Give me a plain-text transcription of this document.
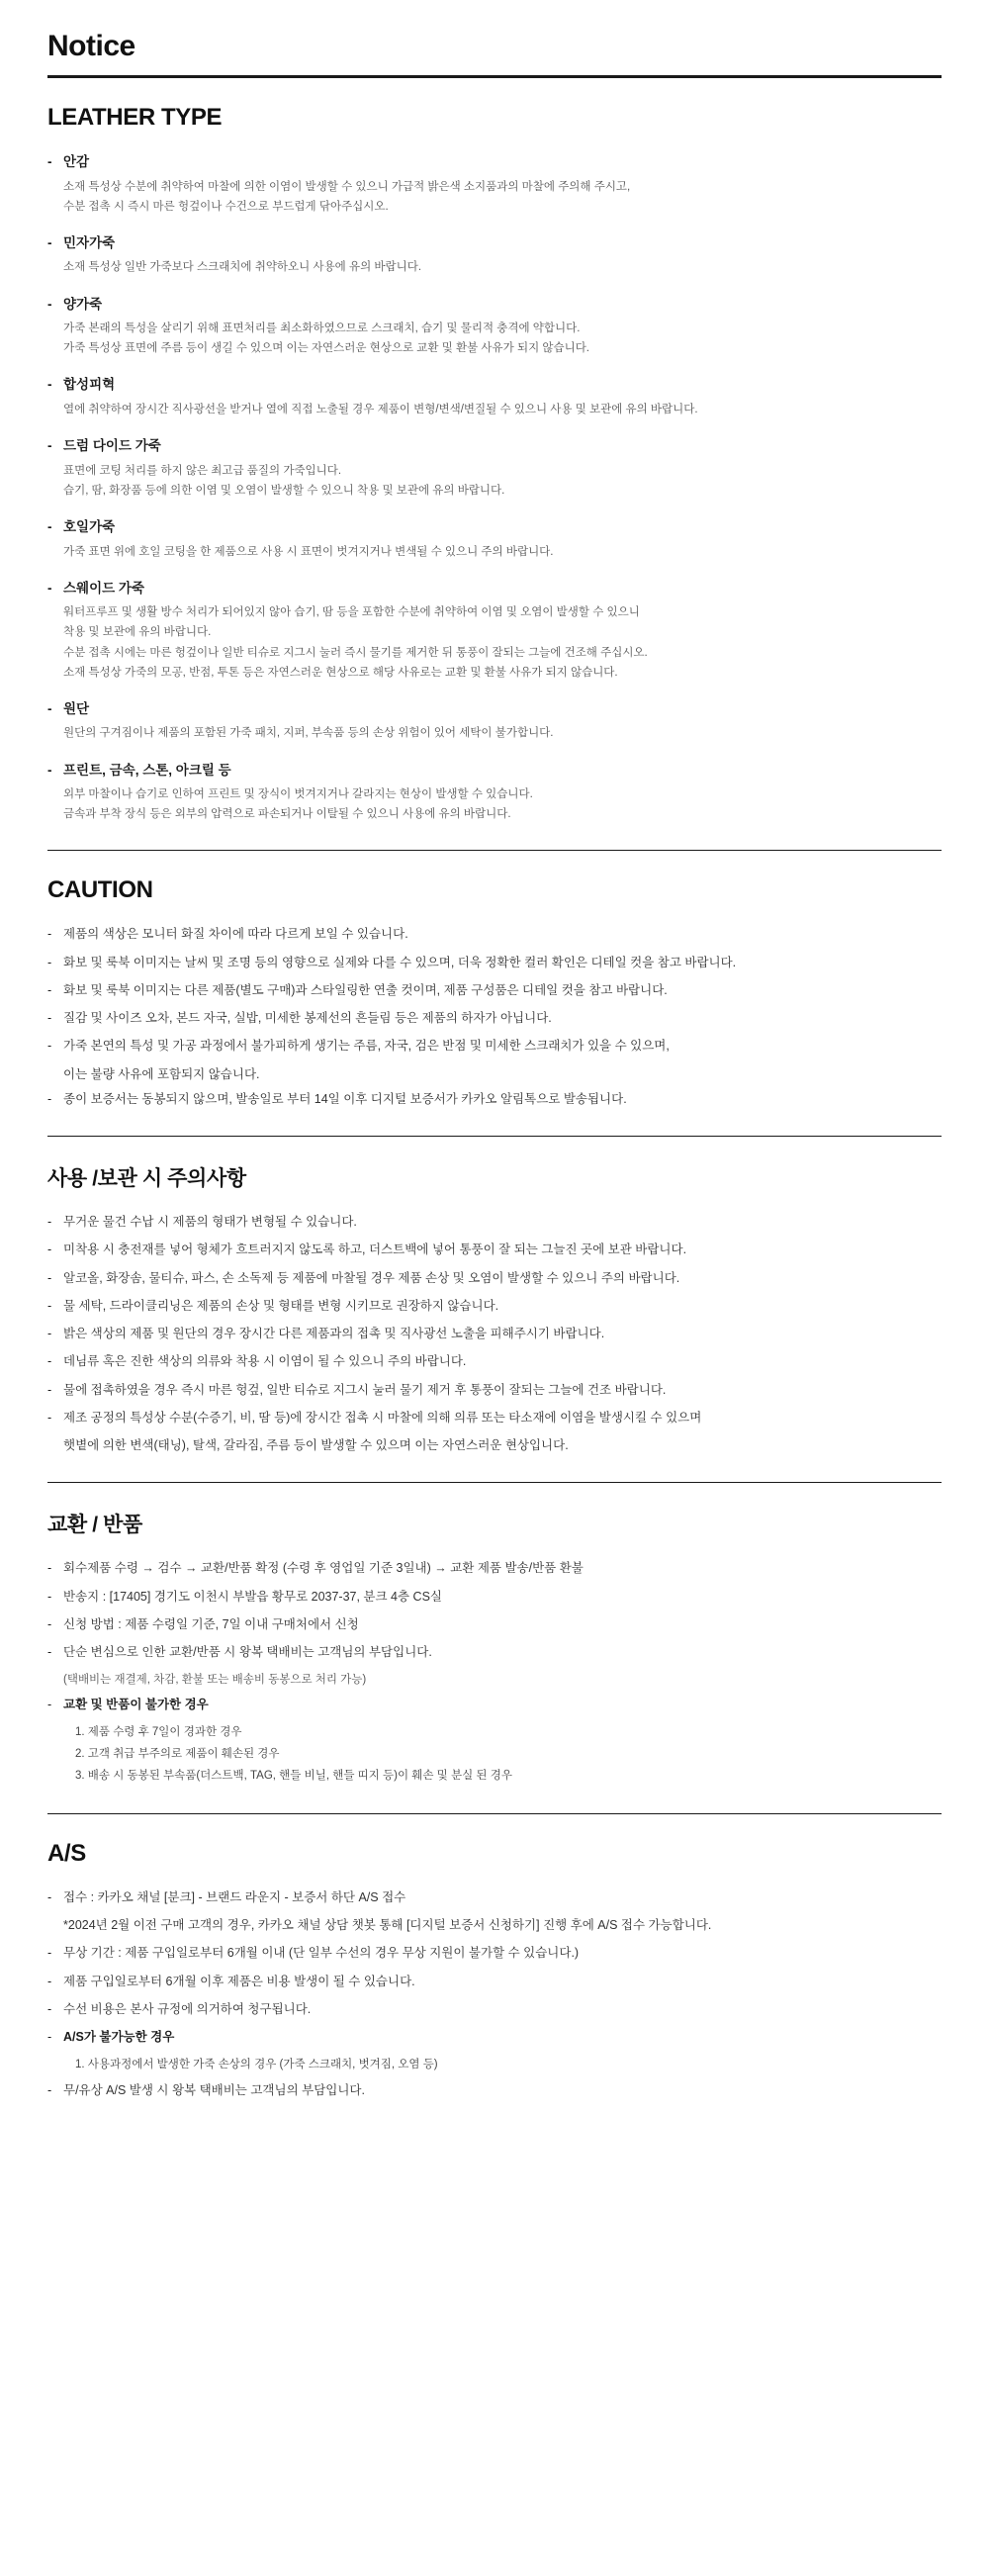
Notice
LEATHER TYPE
- 안감
소재 특성상 수분에 취약하여 마찰에 의한 이염이 발생할 수 있으니 가급적 밝은색 소지품과의 마찰에 주의해 주시고,
수분 접촉 시 즉시 마른 헝겊이나 수건으로 부드럽게 닦아주십시오.
- 민자가죽
소재 특성상 일반 가죽보다 스크래치에 취약하오니 사용에 유의 바랍니다.
- 양가죽
가죽 본래의 특성을 살리기 위해 표면처리를 최소화하였으므로 스크래치, 습기 및 물리적 충격에 약합니다.
가죽 특성상 표면에 주름 등이 생길 수 있으며 이는 자연스러운 현상으로 교환 및 환불 사유가 되지 않습니다.
- 합성피혁
열에 취약하여 장시간 직사광선을 받거나 열에 직접 노출될 경우 제품이 변형/변색/변질될 수 있으니 사용 및 보관에 유의 바랍니다.
- 드럼 다이드 가죽
표면에 코팅 처리를 하지 않은 최고급 품질의 가죽입니다.
습기, 땀, 화장품 등에 의한 이염 및 오염이 발생할 수 있으니 착용 및 보관에 유의 바랍니다.
- 호일가죽
가죽 표면 위에 호일 코팅을 한 제품으로 사용 시 표면이 벗겨지거나 변색될 수 있으니 주의 바랍니다.
- 스웨이드 가죽
워터프루프 및 생활 방수 처리가 되어있지 않아 습기, 땀 등을 포함한 수분에 취약하여 이염 및 오염이 발생할 수 있으니
착용 및 보관에 유의 바랍니다.
수분 접촉 시에는 마른 헝겊이나 일반 티슈로 지그시 눌러 즉시 물기를 제거한 뒤 통풍이 잘되는 그늘에 건조해 주십시오.
소재 특성상 가죽의 모공, 반점, 투톤 등은 자연스러운 현상으로 해당 사유로는 교환 및 환불 사유가 되지 않습니다.
- 원단
원단의 구겨짐이나 제품의 포함된 가죽 패치, 지퍼, 부속품 등의 손상 위험이 있어 세탁이 불가합니다.
- 프린트, 금속, 스톤, 아크릴 등
외부 마찰이나 습기로 인하여 프린트 및 장식이 벗겨지거나 갈라지는 현상이 발생할 수 있습니다.
금속과 부착 장식 등은 외부의 압력으로 파손되거나 이탈될 수 있으니 사용에 유의 바랍니다.
CAUTION
- 제품의 색상은 모니터 화질 차이에 따라 다르게 보일 수 있습니다.
- 화보 및 룩북 이미지는 날씨 및 조명 등의 영향으로 실제와 다를 수 있으며, 더욱 정확한 컬러 확인은 디테일 컷을 참고 바랍니다.
- 화보 및 룩북 이미지는 다른 제품(별도 구매)과 스타일링한 연출 컷이며, 제품 구성품은 디테일 컷을 참고 바랍니다.
- 질감 및 사이즈 오차, 본드 자국, 실밥, 미세한 봉제선의 흔들림 등은 제품의 하자가 아닙니다.
- 가죽 본연의 특성 및 가공 과정에서 불가피하게 생기는 주름, 자국, 검은 반점 및 미세한 스크래치가 있을 수 있으며,
이는 불량 사유에 포함되지 않습니다.
- 종이 보증서는 동봉되지 않으며, 발송일로 부터 14일 이후 디지털 보증서가 카카오 알림톡으로 발송됩니다.
사용 /보관 시 주의사항
- 무거운 물건 수납 시 제품의 형태가 변형될 수 있습니다.
- 미착용 시 충전재를 넣어 형체가 흐트러지지 않도록 하고, 더스트백에 넣어 통풍이 잘 되는 그늘진 곳에 보관 바랍니다.
- 알코올, 화장솜, 물티슈, 파스, 손 소독제 등 제품에 마찰될 경우 제품 손상 및 오염이 발생할 수 있으니 주의 바랍니다.
- 물 세탁, 드라이클리닝은 제품의 손상 및 형태를 변형 시키므로 권장하지 않습니다.
- 밝은 색상의 제품 및 원단의 경우 장시간 다른 제품과의 접촉 및 직사광선 노출을 피해주시기 바랍니다.
- 데님류 혹은 진한 색상의 의류와 착용 시 이염이 될 수 있으니 주의 바랍니다.
- 물에 접촉하였을 경우 즉시 마른 헝겊, 일반 티슈로 지그시 눌러 물기 제거 후 통풍이 잘되는 그늘에 건조 바랍니다.
- 제조 공정의 특성상 수분(수증기, 비, 땀 등)에 장시간 접촉 시 마찰에 의해 의류 또는 타소재에 이염을 발생시킬 수 있으며
햇볕에 의한 변색(태닝), 탈색, 갈라짐, 주름 등이 발생할 수 있으며 이는 자연스러운 현상입니다.
교환 / 반품
- 회수제품 수령 → 검수 → 교환/반품 확정 (수령 후 영업일 기준 3일내) → 교환 제품 발송/반품 환불
- 반송지 : [17405] 경기도 이천시 부발읍 황무로 2037-37, 분크 4층 CS실
- 신청 방법 : 제품 수령일 기준, 7일 이내 구매처에서 신청
- 단순 변심으로 인한 교환/반품 시 왕복 택배비는 고객님의 부담입니다.
(택배비는 재결제, 차감, 환불 또는 배송비 동봉으로 처리 가능)
- 교환 및 반품이 불가한 경우
1. 제품 수령 후 7일이 경과한 경우
2. 고객 취급 부주의로 제품이 훼손된 경우
3. 배송 시 동봉된 부속품(더스트백, TAG, 핸들 비닐, 핸들 띠지 등)이 훼손 및 분실 된 경우
A/S
- 접수 : 카카오 채널 [분크] - 브랜드 라운지 - 보증서 하단 A/S 접수
*2024년 2월 이전 구매 고객의 경우, 카카오 채널 상담 챗봇 통해 [디지털 보증서 신청하기] 진행 후에 A/S 접수 가능합니다.
- 무상 기간 : 제품 구입일로부터 6개월 이내 (단 일부 수선의 경우 무상 지원이 불가할 수 있습니다.)
- 제품 구입일로부터 6개월 이후 제품은 비용 발생이 될 수 있습니다.
- 수선 비용은 본사 규정에 의거하여 청구됩니다.
- A/S가 불가능한 경우
1. 사용과정에서 발생한 가죽 손상의 경우 (가죽 스크래치, 벗겨짐, 오염 등)
- 무/유상 A/S 발생 시 왕복 택배비는 고객님의 부담입니다.
